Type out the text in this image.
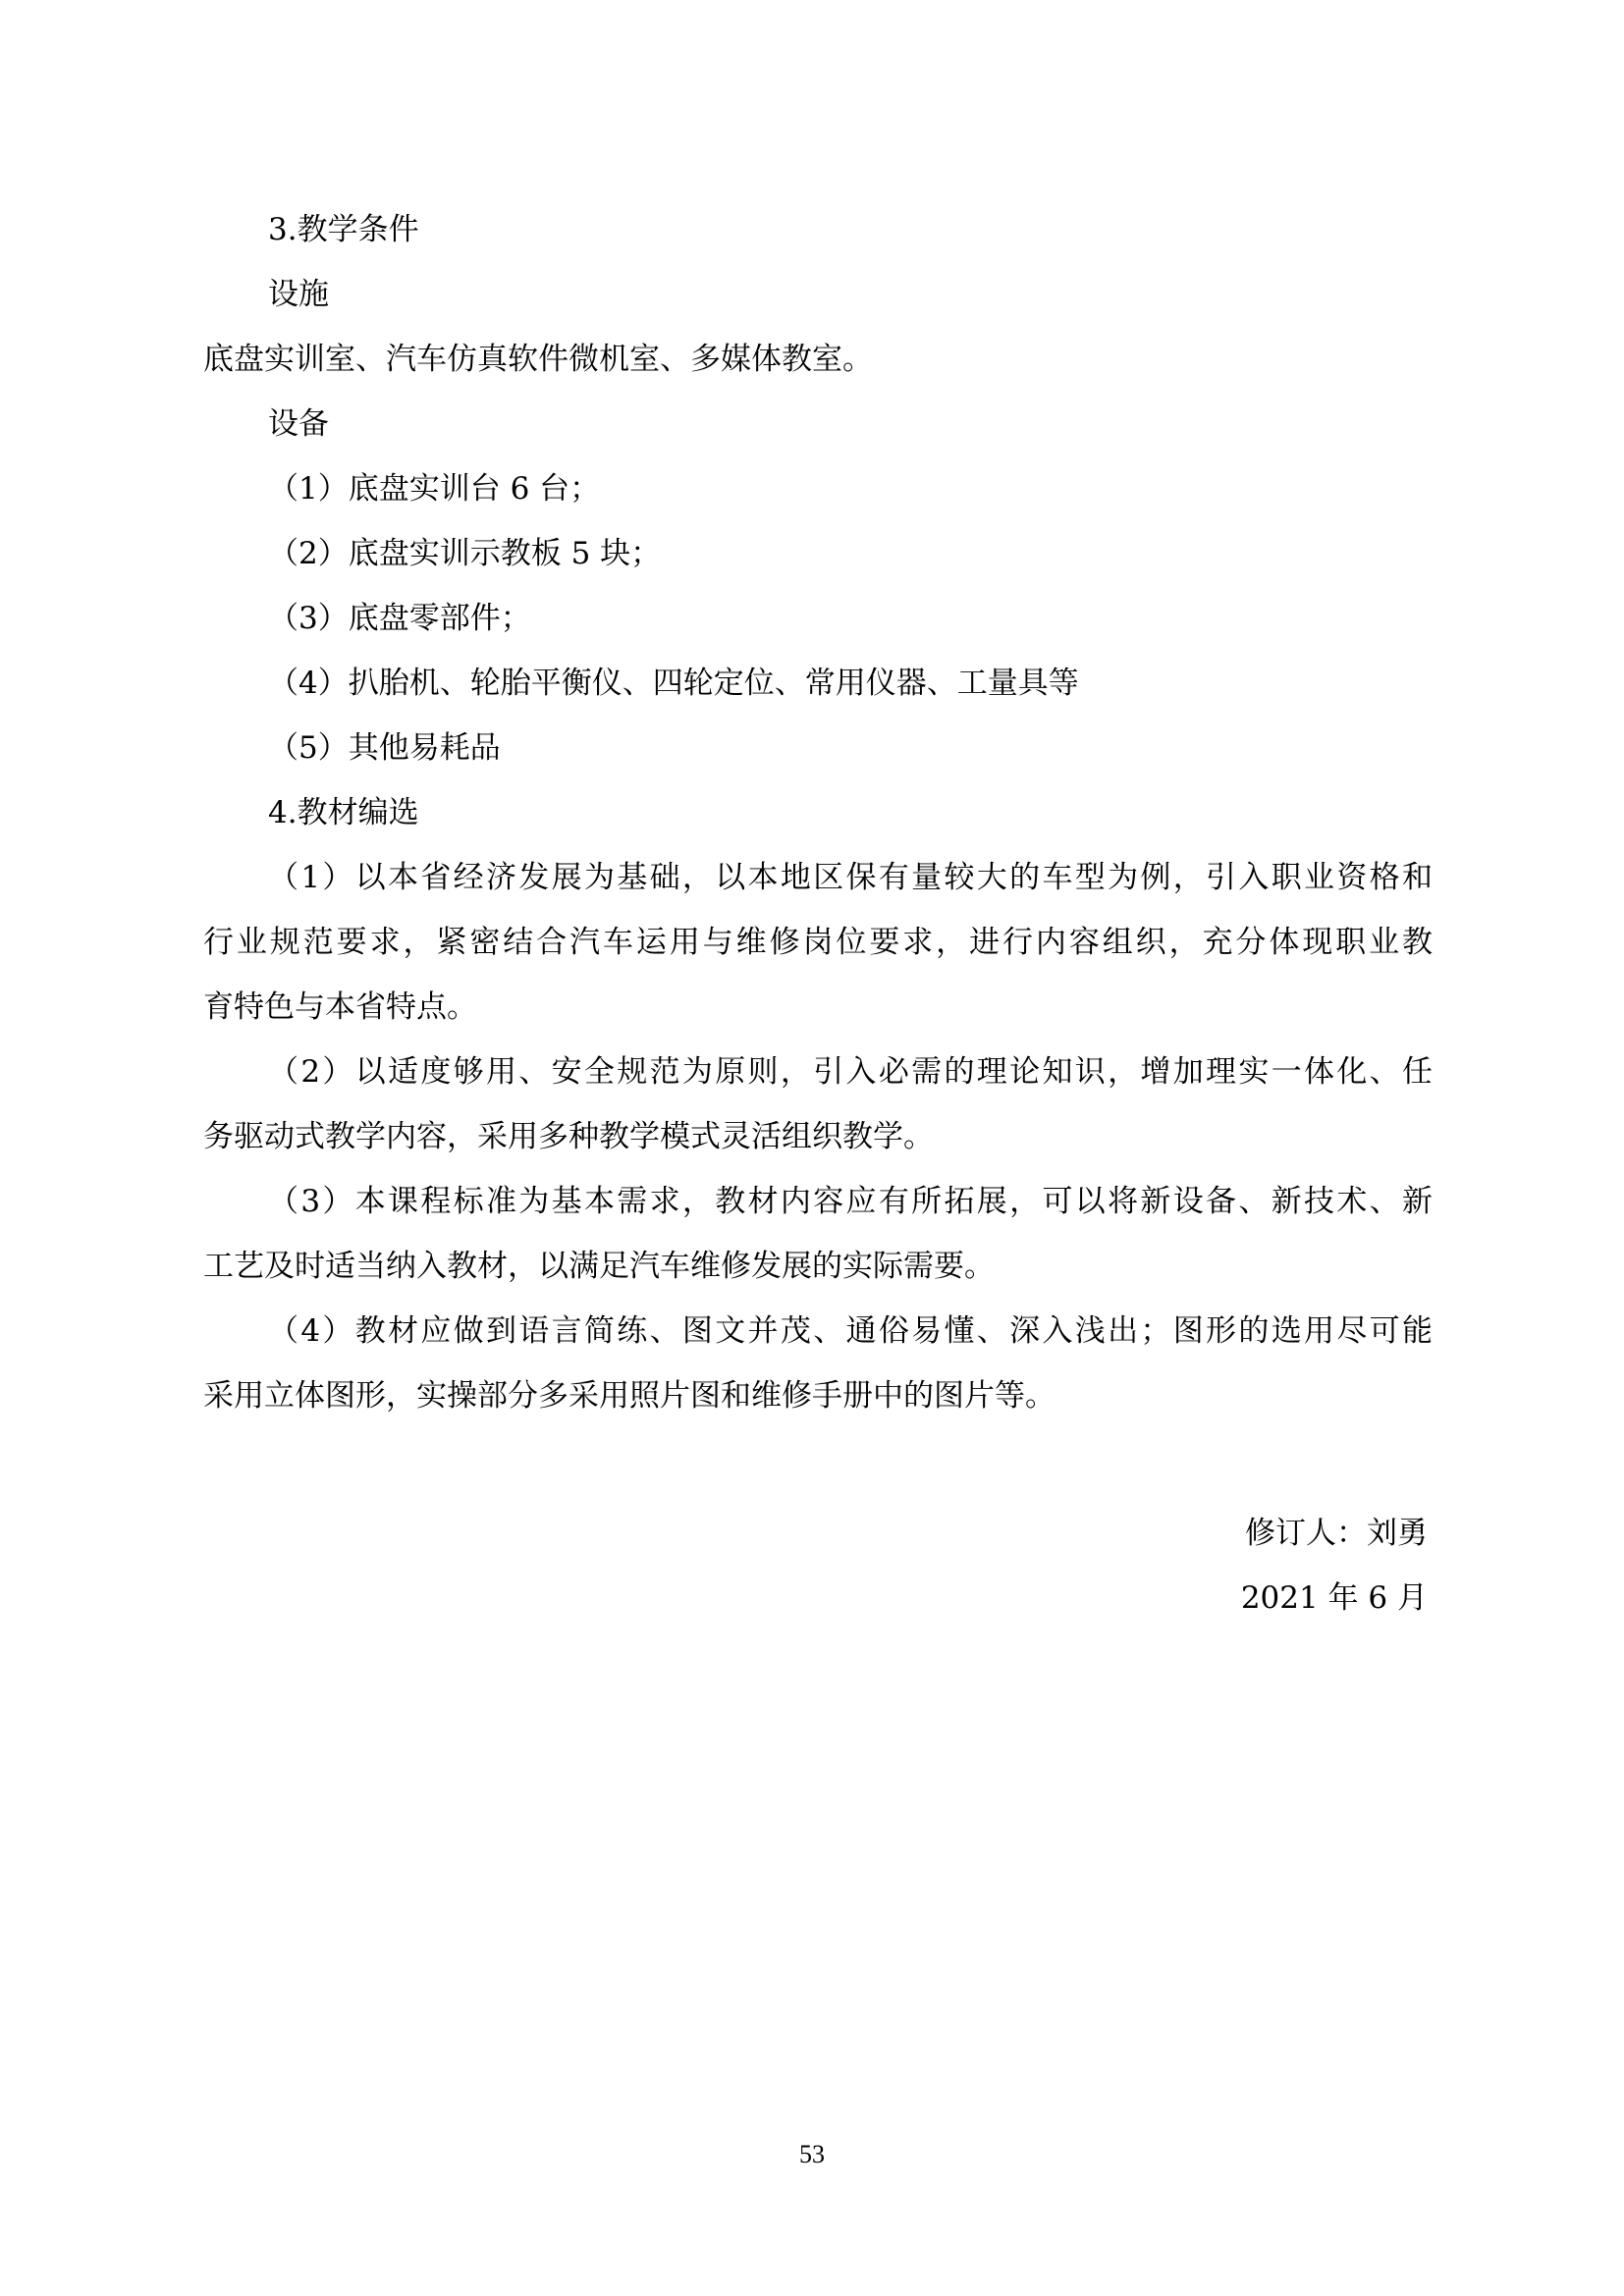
3.教学条件

设施

底盘实训室、汽车仿真软件微机室、多媒体教室。

设备

（1）底盘实训台 6 台；

（2）底盘实训示教板 5 块；

（3）底盘零部件；

（4）扒胎机、轮胎平衡仪、四轮定位、常用仪器、工量具等

（5）其他易耗品

4.教材编选

（1）以本省经济发展为基础，以本地区保有量较大的车型为例，引入职业资格和

行业规范要求，紧密结合汽车运用与维修岗位要求，进行内容组织，充分体现职业教

育特色与本省特点。

（2）以适度够用、安全规范为原则，引入必需的理论知识，增加理实一体化、任

务驱动式教学内容，采用多种教学模式灵活组织教学。

（3）本课程标准为基本需求，教材内容应有所拓展，可以将新设备、新技术、新

工艺及时适当纳入教材，以满足汽车维修发展的实际需要。

（4）教材应做到语言简练、图文并茂、通俗易懂、深入浅出；图形的选用尽可能

采用立体图形，实操部分多采用照片图和维修手册中的图片等。

修订人：刘勇

2021 年 6 月

53
